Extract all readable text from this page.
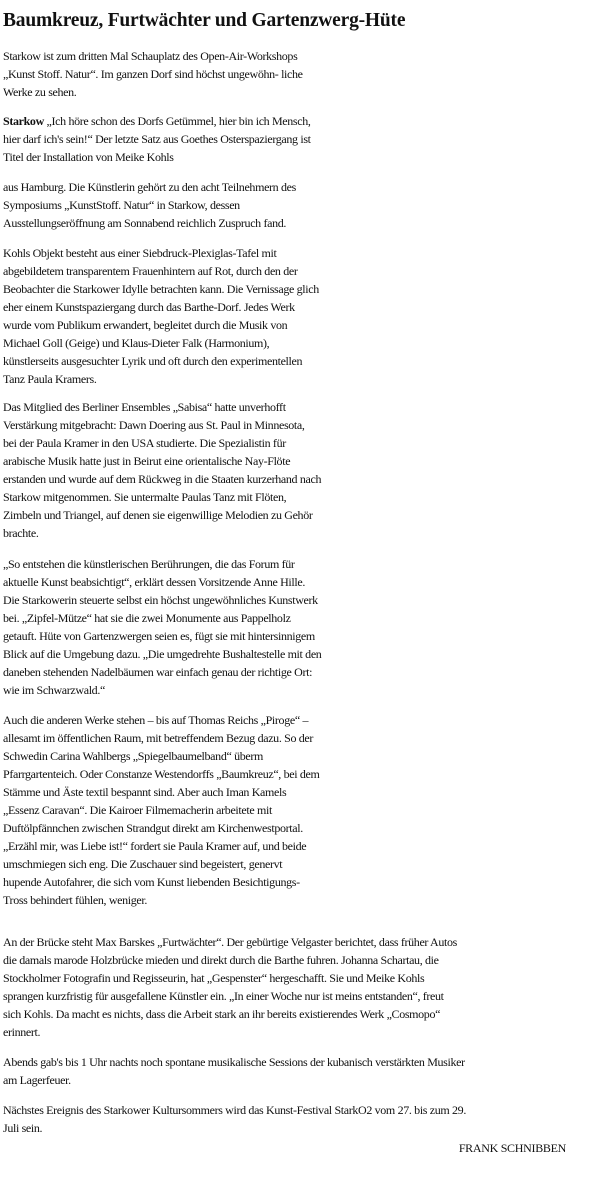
Baumkreuz, Furtwächter und Gartenzwerg-Hüte

Starkow ist zum dritten Mal Schauplatz des Open-Air-Workshops
„Kunst Stoff. Natur“. Im ganzen Dorf sind höchst ungewöhn- liche
Werke zu sehen.

Starkow „Ich höre schon des Dorfs Getümmel, hier bin ich Mensch,
hier darf ich's sein!“ Der letzte Satz aus Goethes Osterspaziergang ist
Titel der Installation von Meike Kohls

aus Hamburg. Die Künstlerin gehört zu den acht Teilnehmern des
Symposiums „KunstStoff. Natur“ in Starkow, dessen
Ausstellungseröffnung am Sonnabend reichlich Zuspruch fand.

Kohls Objekt besteht aus einer Siebdruck-Plexiglas-Tafel mit
abgebildetem transparentem Frauenhintern auf Rot, durch den der
Beobachter die Starkower Idylle betrachten kann. Die Vernissage glich
eher einem Kunstspaziergang durch das Barthe-Dorf. Jedes Werk
wurde vom Publikum erwandert, begleitet durch die Musik von
Michael Goll (Geige) und Klaus-Dieter Falk (Harmonium),
künstlerseits ausgesuchter Lyrik und oft durch den experimentellen
Tanz Paula Kramers.

Das Mitglied des Berliner Ensembles „Sabisa“ hatte unverhofft
Verstärkung mitgebracht: Dawn Doering aus St. Paul in Minnesota,
bei der Paula Kramer in den USA studierte. Die Spezialistin für
arabische Musik hatte just in Beirut eine orientalische Nay-Flöte
erstanden und wurde auf dem Rückweg in die Staaten kurzerhand nach
Starkow mitgenommen. Sie untermalte Paulas Tanz mit Flöten,
Zimbeln und Triangel, auf denen sie eigenwillige Melodien zu Gehör
brachte.

„So entstehen die künstlerischen Berührungen, die das Forum für
aktuelle Kunst beabsichtigt“, erklärt dessen Vorsitzende Anne Hille.
Die Starkowerin steuerte selbst ein höchst ungewöhnliches Kunstwerk
bei. „Zipfel-Mütze“ hat sie die zwei Monumente aus Pappelholz
getauft. Hüte von Gartenzwergen seien es, fügt sie mit hintersinnigem
Blick auf die Umgebung dazu. „Die umgedrehte Bushaltestelle mit den
daneben stehenden Nadelbäumen war einfach genau der richtige Ort:
wie im Schwarzwald.“

Auch die anderen Werke stehen – bis auf Thomas Reichs „Piroge“ –
allesamt im öffentlichen Raum, mit betreffendem Bezug dazu. So der
Schwedin Carina Wahlbergs „Spiegelbaumelband“ überm
Pfarrgartenteich. Oder Constanze Westendorffs „Baumkreuz“, bei dem
Stämme und Äste textil bespannt sind. Aber auch Iman Kamels
„Essenz Caravan“. Die Kairoer Filmemacherin arbeitete mit
Duftölpfännchen zwischen Strandgut direkt am Kirchenwestportal.
„Erzähl mir, was Liebe ist!“ fordert sie Paula Kramer auf, und beide
umschmiegen sich eng. Die Zuschauer sind begeistert, genervt
hupende Autofahrer, die sich vom Kunst liebenden Besichtigungs-
Tross behindert fühlen, weniger.

An der Brücke steht Max Barskes „Furtwächter“. Der gebürtige Velgaster berichtet, dass früher Autos
die damals marode Holzbrücke mieden und direkt durch die Barthe fuhren. Johanna Schartau, die
Stockholmer Fotografin und Regisseurin, hat „Gespenster“ hergeschafft. Sie und Meike Kohls
sprangen kurzfristig für ausgefallene Künstler ein. „In einer Woche nur ist meins entstanden“, freut
sich Kohls. Da macht es nichts, dass die Arbeit stark an ihr bereits existierendes Werk „Cosmopo“
erinnert.

Abends gab's bis 1 Uhr nachts noch spontane musikalische Sessions der kubanisch verstärkten Musiker
am Lagerfeuer.

Nächstes Ereignis des Starkower Kultursommers wird das Kunst-Festival StarkO2 vom 27. bis zum 29.
Juli sein.

FRANK SCHNIBBEN
